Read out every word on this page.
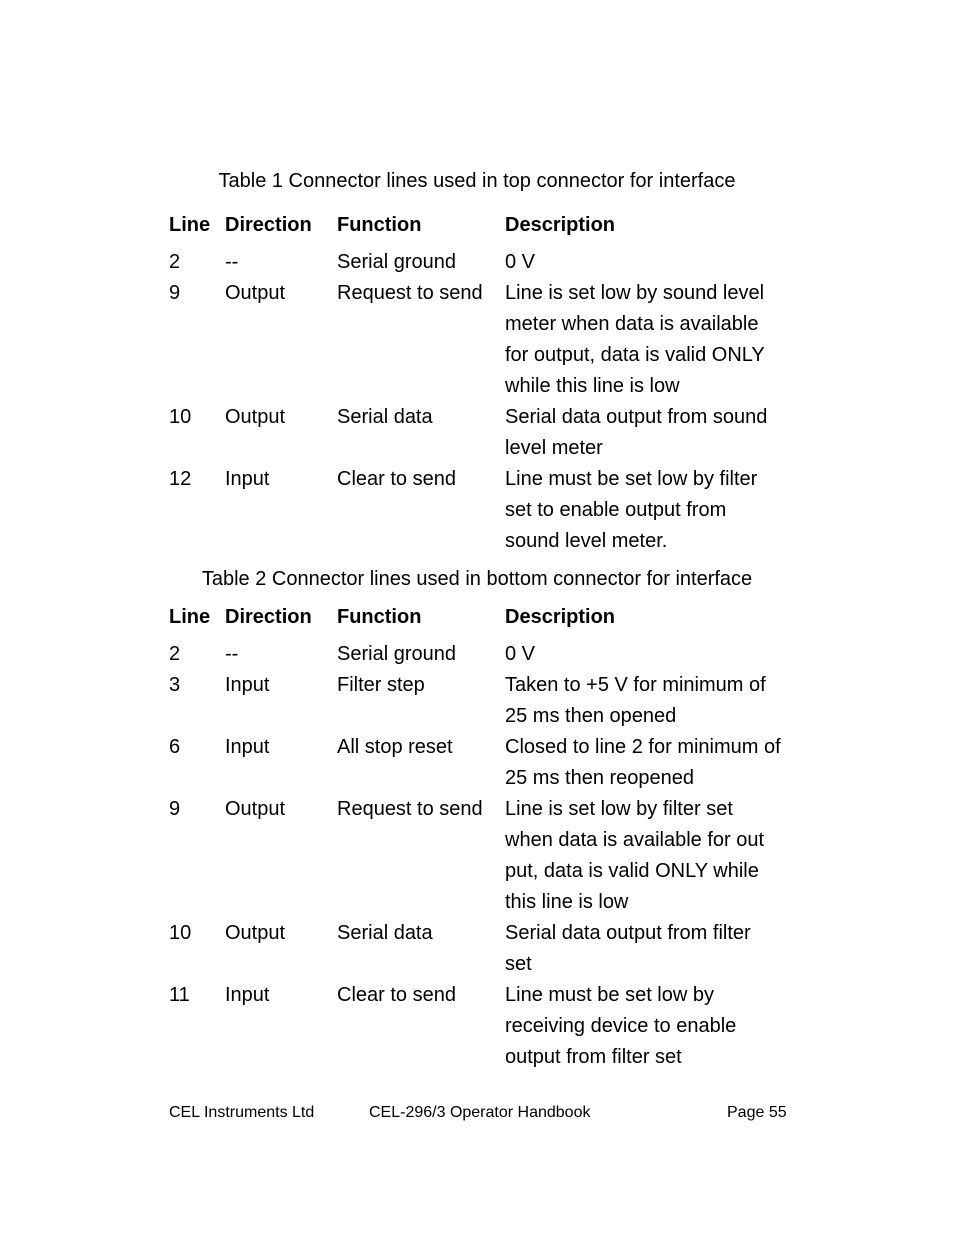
Table 1 Connector lines used in top connector for interface
Line	Direction	Function	Description
2	--	Serial ground	0 V

9	Output	Request to send	Line is set low by sound level
meter when data is available
for output, data is valid ONLY
while this line is low

10	Output	Serial data	Serial data output from sound
level meter

12	Input	Clear to send	Line must be set low by filter
set to enable output from
sound level meter.
Table 2 Connector lines used in bottom connector for interface
Line	Direction	Function	Description
2	--	Serial ground	0 V

3	Input	Filter step	Taken to +5 V for minimum of
25 ms then opened

6	Input	All stop reset	Closed to line 2 for minimum of
25 ms then reopened

9	Output	Request to send	Line is set low by filter set
when data is available for out
put, data is valid ONLY while
this line is low

10	Output	Serial data	Serial data output from filter
set

11	Input	Clear to send	Line must be set low by
receiving device to enable
output from filter set
CEL Instruments Ltd	CEL-296/3 Operator Handbook	Page 55
